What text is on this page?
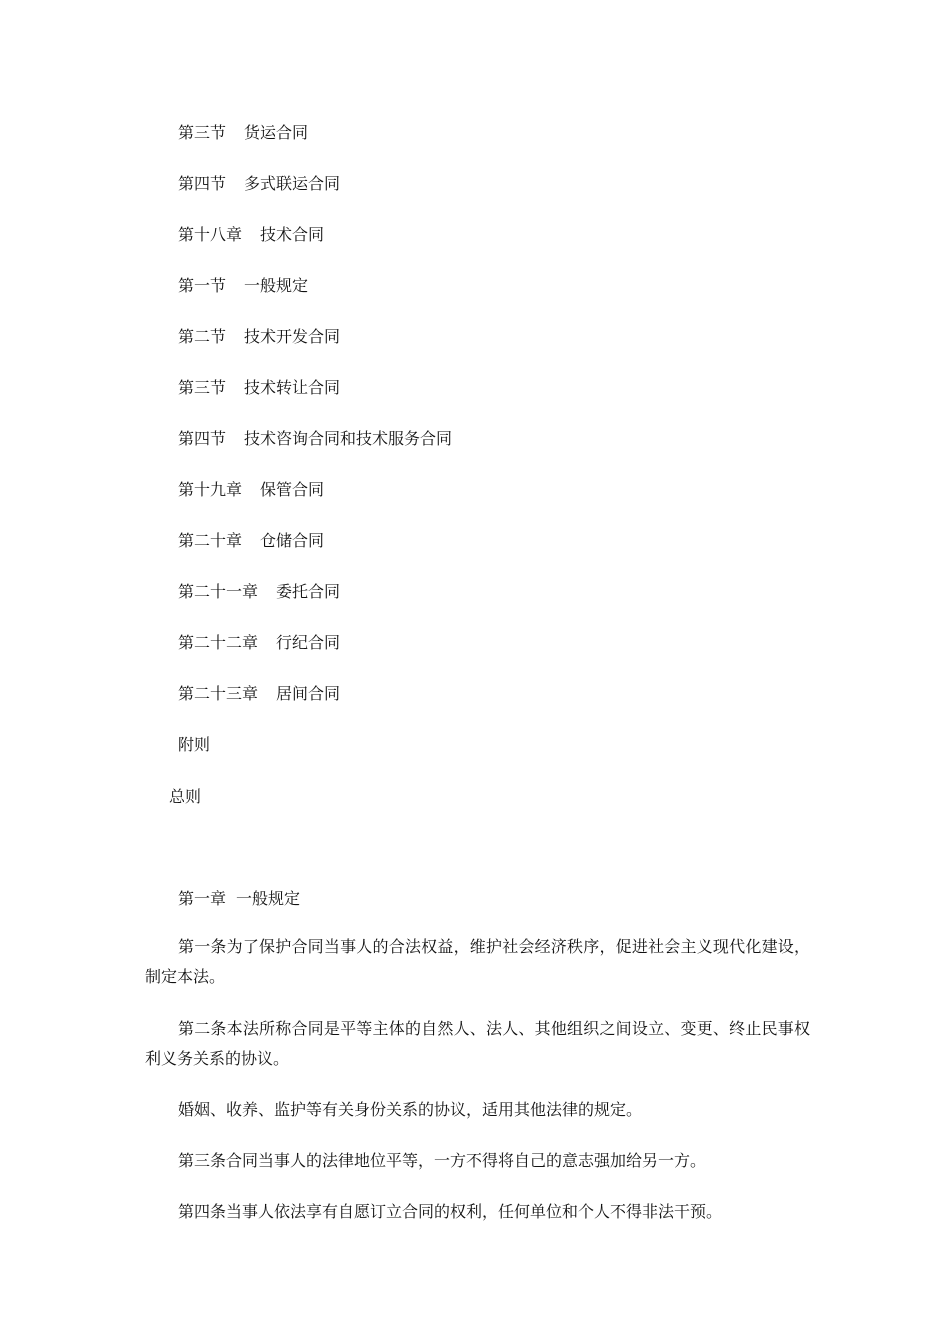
第三节 货运合同
第四节 多式联运合同
第十八章 技术合同
第一节 一般规定
第二节 技术开发合同
第三节 技术转让合同
第四节 技术咨询合同和技术服务合同
第十九章 保管合同
第二十章 仓储合同
第二十一章 委托合同
第二十二章 行纪合同
第二十三章 居间合同
附则
总则
第一章 一般规定

第一条为了保护合同当事人的合法权益，维护社会经济秩序，促进社会主义现代化建设，制定本法。

第二条本法所称合同是平等主体的自然人、法人、其他组织之间设立、变更、终止民事权利义务关系的协议。

婚姻、收养、监护等有关身份关系的协议，适用其他法律的规定。

第三条合同当事人的法律地位平等，一方不得将自己的意志强加给另一方。

第四条当事人依法享有自愿订立合同的权利，任何单位和个人不得非法干预。
